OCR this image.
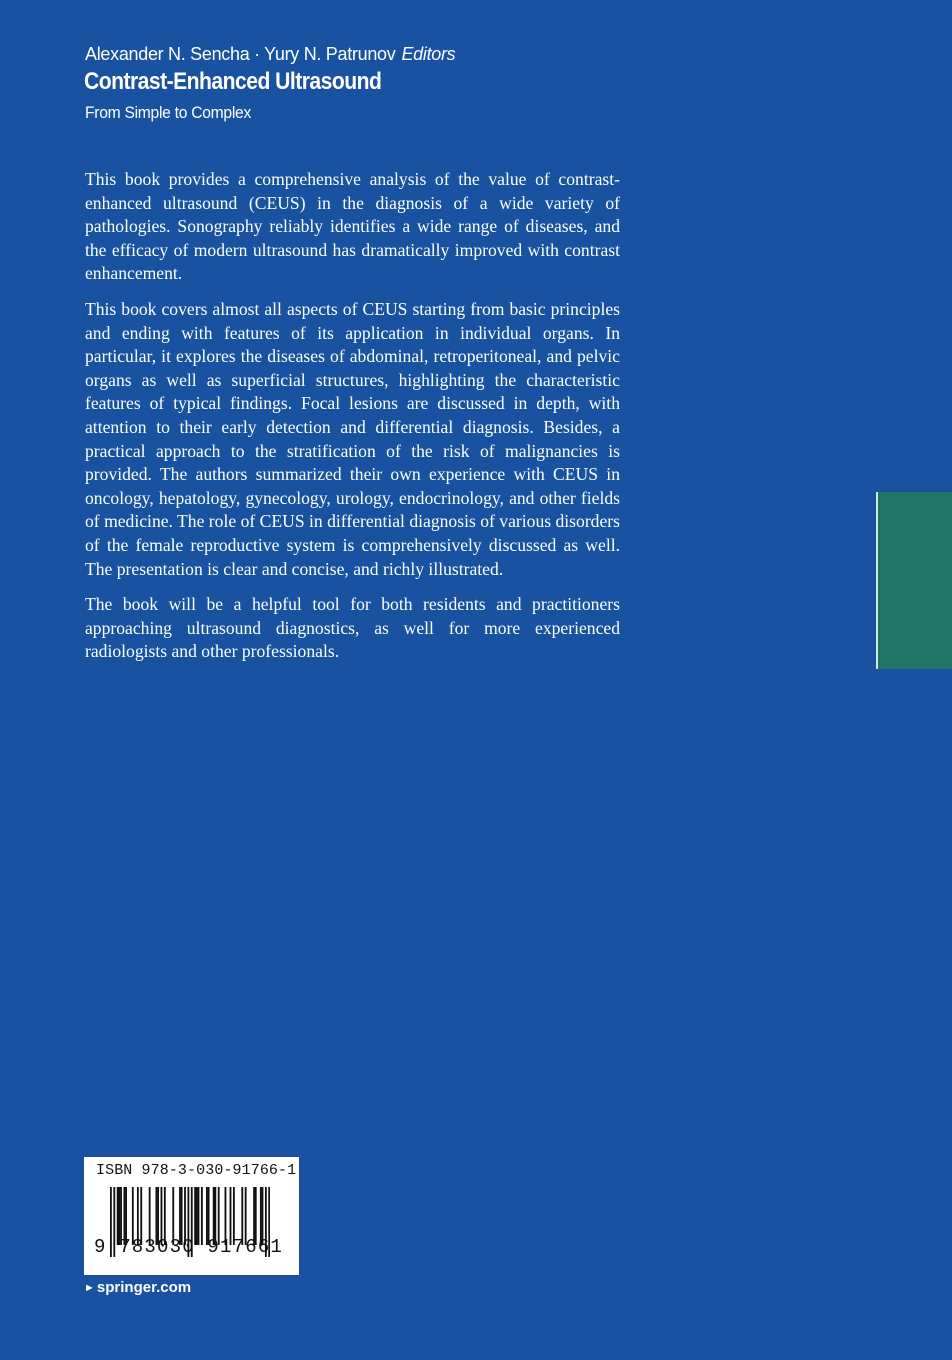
Alexander N. Sencha · Yury N. Patrunov Editors
Contrast-Enhanced Ultrasound
From Simple to Complex

This book provides a comprehensive analysis of the value of contrast-enhanced ultrasound (CEUS) in the diagnosis of a wide variety of pathologies. Sonography reliably identifies a wide range of diseases, and the efficacy of modern ultrasound has dramatically improved with contrast enhancement.

This book covers almost all aspects of CEUS starting from basic principles and ending with features of its application in individual organs. In particular, it explores the diseases of abdominal, retroperitoneal, and pelvic organs as well as superficial structures, highlighting the characteristic features of typical findings. Focal lesions are discussed in depth, with attention to their early detection and differential diagnosis. Besides, a practical approach to the stratification of the risk of malignancies is provided. The authors summarized their own experience with CEUS in oncology, hepatology, gynecology, urology, endocrinology, and other fields of medicine. The role of CEUS in differential diagnosis of various disorders of the female reproductive system is comprehensively discussed as well. The presentation is clear and concise, and richly illustrated.

The book will be a helpful tool for both residents and practitioners approaching ultrasound diagnostics, as well for more experienced radiologists and other professionals.

ISBN 978-3-030-91766-1
9 783030 917661
► springer.com
